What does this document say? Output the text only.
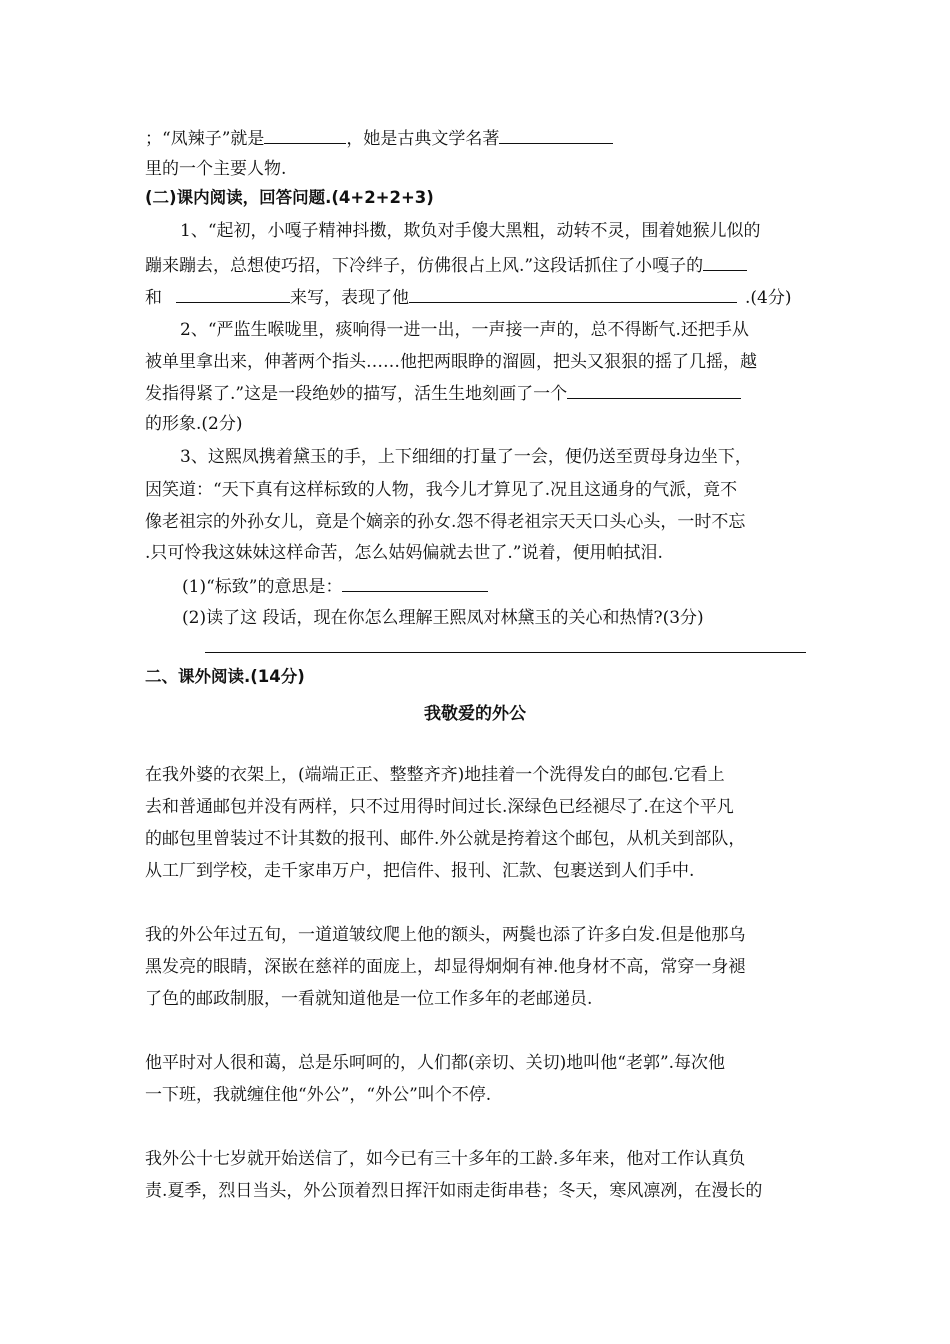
；“凤辣子”就是	，她是古典文学名著
里的一个主要人物.
(二)课内阅读，回答问题.(4+2+2+3)
1、“起初，小嘎子精神抖擞，欺负对手傻大黑粗，动转不灵，围着她猴儿似的
蹦来蹦去，总想使巧招，下冷绊子，仿佛很占上风.”这段话抓住了小嘎子的
和	来写，表现了他	.(4分)
2、“严监生喉咙里，痰响得一进一出，一声接一声的，总不得断气.还把手从
被单里拿出来，伸著两个指头……他把两眼睁的溜圆，把头又狠狠的摇了几摇，越
发指得紧了.”这是一段绝妙的描写，活生生地刻画了一个
的形象.(2分)
3、这熙凤携着黛玉的手，上下细细的打量了一会，便仍送至贾母身边坐下，
因笑道：“天下真有这样标致的人物，我今儿才算见了.况且这通身的气派，竟不
像老祖宗的外孙女儿，竟是个嫡亲的孙女.怨不得老祖宗天天口头心头，一时不忘
.只可怜我这妹妹这样命苦，怎么姑妈偏就去世了.”说着，便用帕拭泪.
(1)“标致”的意思是：
(2)读了这 段话，现在你怎么理解王熙凤对林黛玉的关心和热情?(3分)
二、课外阅读.(14分)
我敬爱的外公
在我外婆的衣架上，(端端正正、整整齐齐)地挂着一个洗得发白的邮包.它看上
去和普通邮包并没有两样，只不过用得时间过长.深绿色已经褪尽了.在这个平凡
的邮包里曾装过不计其数的报刊、邮件.外公就是挎着这个邮包，从机关到部队，
从工厂到学校，走千家串万户，把信件、报刊、汇款、包裹送到人们手中.
我的外公年过五旬，一道道皱纹爬上他的额头，两鬓也添了许多白发.但是他那乌
黑发亮的眼睛，深嵌在慈祥的面庞上，却显得炯炯有神.他身材不高，常穿一身褪
了色的邮政制服，一看就知道他是一位工作多年的老邮递员.
他平时对人很和蔼，总是乐呵呵的，人们都(亲切、关切)地叫他“老郭”.每次他
一下班，我就缠住他“外公”，“外公”叫个不停.
我外公十七岁就开始送信了，如今已有三十多年的工龄.多年来，他对工作认真负
责.夏季，烈日当头，外公顶着烈日挥汗如雨走街串巷；冬天，寒风凛冽，在漫长的
